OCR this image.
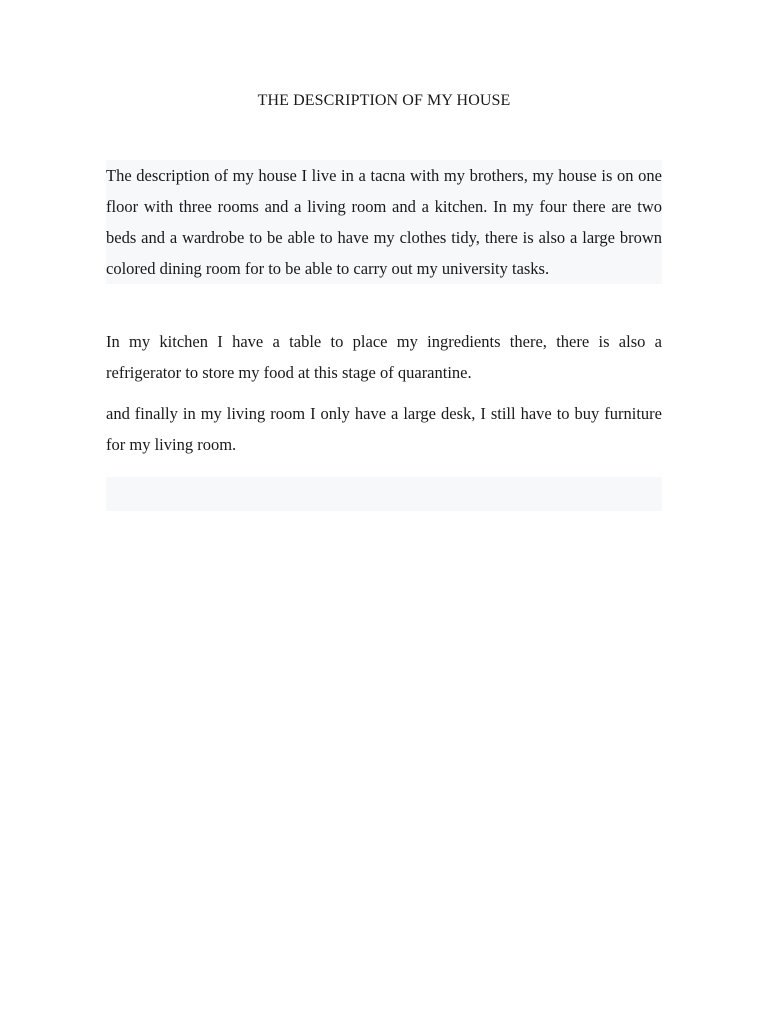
THE DESCRIPTION OF MY HOUSE

The description of my house I live in a tacna with my brothers, my house is on one floor with three rooms and a living room and a kitchen. In my four there are two beds and a wardrobe to be able to have my clothes tidy, there is also a large brown colored dining room for to be able to carry out my university tasks.

In my kitchen I have a table to place my ingredients there, there is also a refrigerator to store my food at this stage of quarantine.

and finally in my living room I only have a large desk, I still have to buy furniture for my living room.
